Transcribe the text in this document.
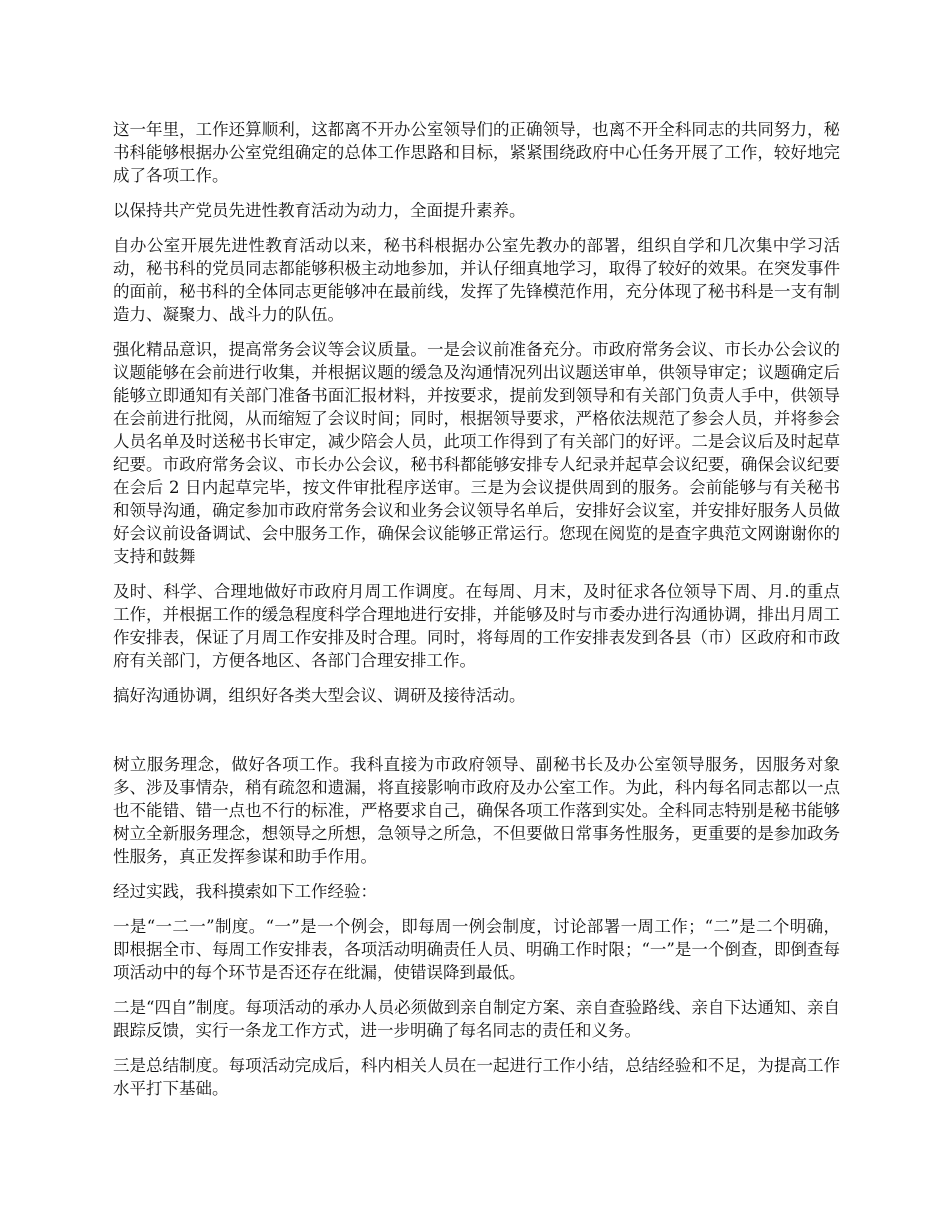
这一年里，工作还算顺利，这都离不开办公室领导们的正确领导，也离不开全科同志的共同努力，秘书科能够根据办公室党组确定的总体工作思路和目标，紧紧围绕政府中心任务开展了工作，较好地完成了各项工作。

以保持共产党员先进性教育活动为动力，全面提升素养。

自办公室开展先进性教育活动以来，秘书科根据办公室先教办的部署，组织自学和几次集中学习活动，秘书科的党员同志都能够积极主动地参加，并认仔细真地学习，取得了较好的效果。在突发事件的面前，秘书科的全体同志更能够冲在最前线，发挥了先锋模范作用，充分体现了秘书科是一支有制造力、凝聚力、战斗力的队伍。

强化精品意识，提高常务会议等会议质量。一是会议前准备充分。市政府常务会议、市长办公会议的议题能够在会前进行收集，并根据议题的缓急及沟通情况列出议题送审单，供领导审定；议题确定后能够立即通知有关部门准备书面汇报材料，并按要求，提前发到领导和有关部门负责人手中，供领导在会前进行批阅，从而缩短了会议时间；同时，根据领导要求，严格依法规范了参会人员，并将参会人员名单及时送秘书长审定，减少陪会人员，此项工作得到了有关部门的好评。二是会议后及时起草纪要。市政府常务会议、市长办公会议，秘书科都能够安排专人纪录并起草会议纪要，确保会议纪要在会后 2 日内起草完毕，按文件审批程序送审。三是为会议提供周到的服务。会前能够与有关秘书和领导沟通，确定参加市政府常务会议和业务会议领导名单后，安排好会议室，并安排好服务人员做好会议前设备调试、会中服务工作，确保会议能够正常运行。您现在阅览的是查字典范文网谢谢你的支持和鼓舞

及时、科学、合理地做好市政府月周工作调度。在每周、月末，及时征求各位领导下周、月.的重点工作，并根据工作的缓急程度科学合理地进行安排，并能够及时与市委办进行沟通协调，排出月周工作安排表，保证了月周工作安排及时合理。同时，将每周的工作安排表发到各县（市）区政府和市政府有关部门，方便各地区、各部门合理安排工作。

搞好沟通协调，组织好各类大型会议、调研及接待活动。

树立服务理念，做好各项工作。我科直接为市政府领导、副秘书长及办公室领导服务，因服务对象多、涉及事情杂，稍有疏忽和遗漏，将直接影响市政府及办公室工作。为此，科内每名同志都以一点也不能错、错一点也不行的标准，严格要求自己，确保各项工作落到实处。全科同志特别是秘书能够树立全新服务理念，想领导之所想，急领导之所急，不但要做日常事务性服务，更重要的是参加政务性服务，真正发挥参谋和助手作用。

经过实践，我科摸索如下工作经验：

一是“一二一”制度。“一”是一个例会，即每周一例会制度，讨论部署一周工作；“二”是二个明确，即根据全市、每周工作安排表，各项活动明确责任人员、明确工作时限；“一”是一个倒查，即倒查每项活动中的每个环节是否还存在纰漏，使错误降到最低。

二是“四自”制度。每项活动的承办人员必须做到亲自制定方案、亲自查验路线、亲自下达通知、亲自跟踪反馈，实行一条龙工作方式，进一步明确了每名同志的责任和义务。

三是总结制度。每项活动完成后，科内相关人员在一起进行工作小结，总结经验和不足，为提高工作水平打下基础。
